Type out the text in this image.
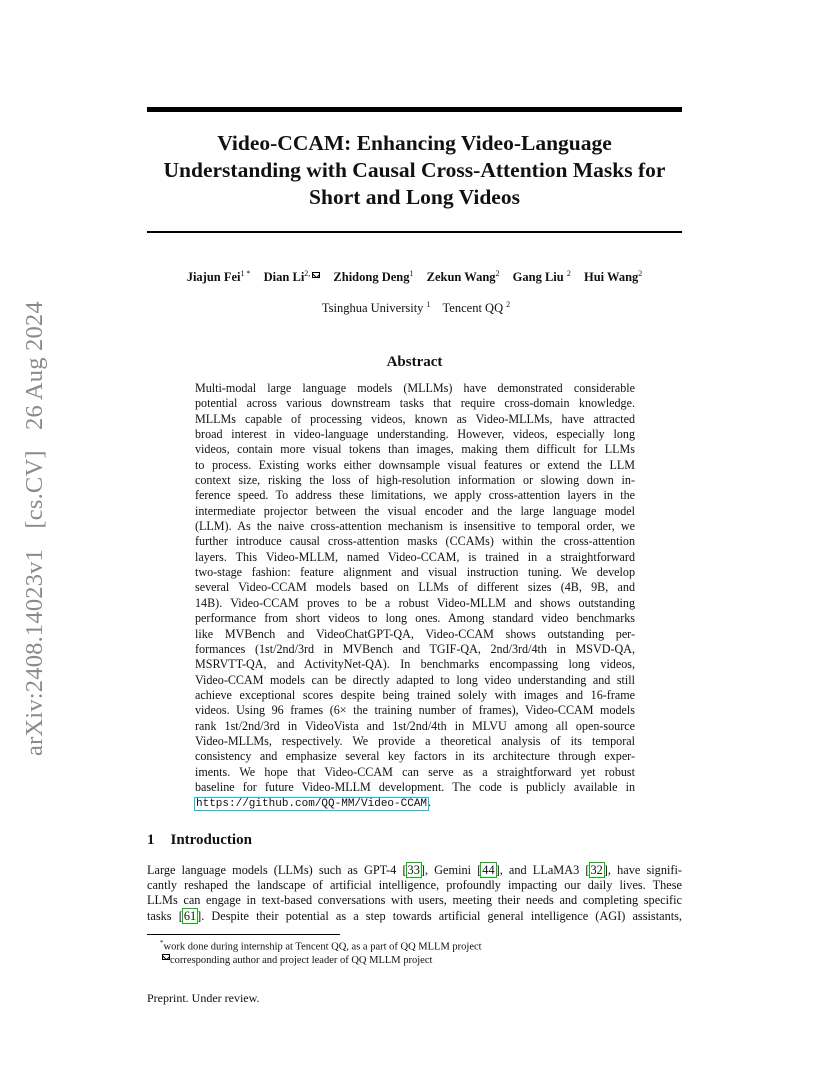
arXiv:2408.14023v1 [cs.CV] 26 Aug 2024
Video-CCAM: Enhancing Video-Language
Understanding with Causal Cross-Attention Masks for
Short and Long Videos
Jiajun Fei$^{1 *}$ Dian $Li^{2,}$ Zhidong Deng$^1$ Zekun Wang$^2$ Gang Liu $^2$ Hui Wang$^2$
Tsinghua University $^1$ Tencent QQ $^2$
Abstract
Multi-modal large language models (MLLMs) have demonstrated considerable
potential across various downstream tasks that require cross-domain knowledge.
MLLMs capable of processing videos, known as Video-MLLMs, have attracted
broad interest in video-language understanding. However, videos, especially long
videos, contain more visual tokens than images, making them difficult for LLMs
to process. Existing works either downsample visual features or extend the LLM
context size, risking the loss of high-resolution information or slowing down in-
ference speed. To address these limitations, we apply cross-attention layers in the
intermediate projector between the visual encoder and the large language model
(LLM). As the naive cross-attention mechanism is insensitive to temporal order, we
further introduce causal cross-attention masks (CCAMs) within the cross-attention
layers. This Video-MLLM, named Video-CCAM, is trained in a straightforward
two-stage fashion: feature alignment and visual instruction tuning. We develop
several Video-CCAM models based on LLMs of different sizes (4B, 9B, and
14B). Video-CCAM proves to be a robust Video-MLLM and shows outstanding
performance from short videos to long ones. Among standard video benchmarks
like MVBench and VideoChatGPT-QA, Video-CCAM shows outstanding per-
formances (1st/2nd/3rd in MVBench and TGIF-QA, 2nd/3rd/4th in MSVD-QA,
MSRVTT-QA, and ActivityNet-QA). In benchmarks encompassing long videos,
Video-CCAM models can be directly adapted to long video understanding and still
achieve exceptional scores despite being trained solely with images and 16-frame
videos. Using 96 frames (6× the training number of frames), Video-CCAM models
rank 1st/2nd/3rd in VideoVista and 1st/2nd/4th in MLVU among all open-source
Video-MLLMs, respectively. We provide a theoretical analysis of its temporal
consistency and emphasize several key factors in its architecture through exper-
iments. We hope that Video-CCAM can serve as a straightforward yet robust
baseline for future Video-MLLM development. The code is publicly available in
https://github.com/QQ-MM/Video-CCAM.
1 Introduction
Large language models (LLMs) such as GPT-4 [33], Gemini [44], and LLaMA3 [32], have signifi-
cantly reshaped the landscape of artificial intelligence, profoundly impacting our daily lives. These
LLMs can engage in text-based conversations with users, meeting their needs and completing specific
tasks [61]. Despite their potential as a step towards artificial general intelligence (AGI) assistants,
*work done during internship at Tencent QQ, as a part of QQ MLLM project
corresponding author and project leader of QQ MLLM project
Preprint. Under review.
